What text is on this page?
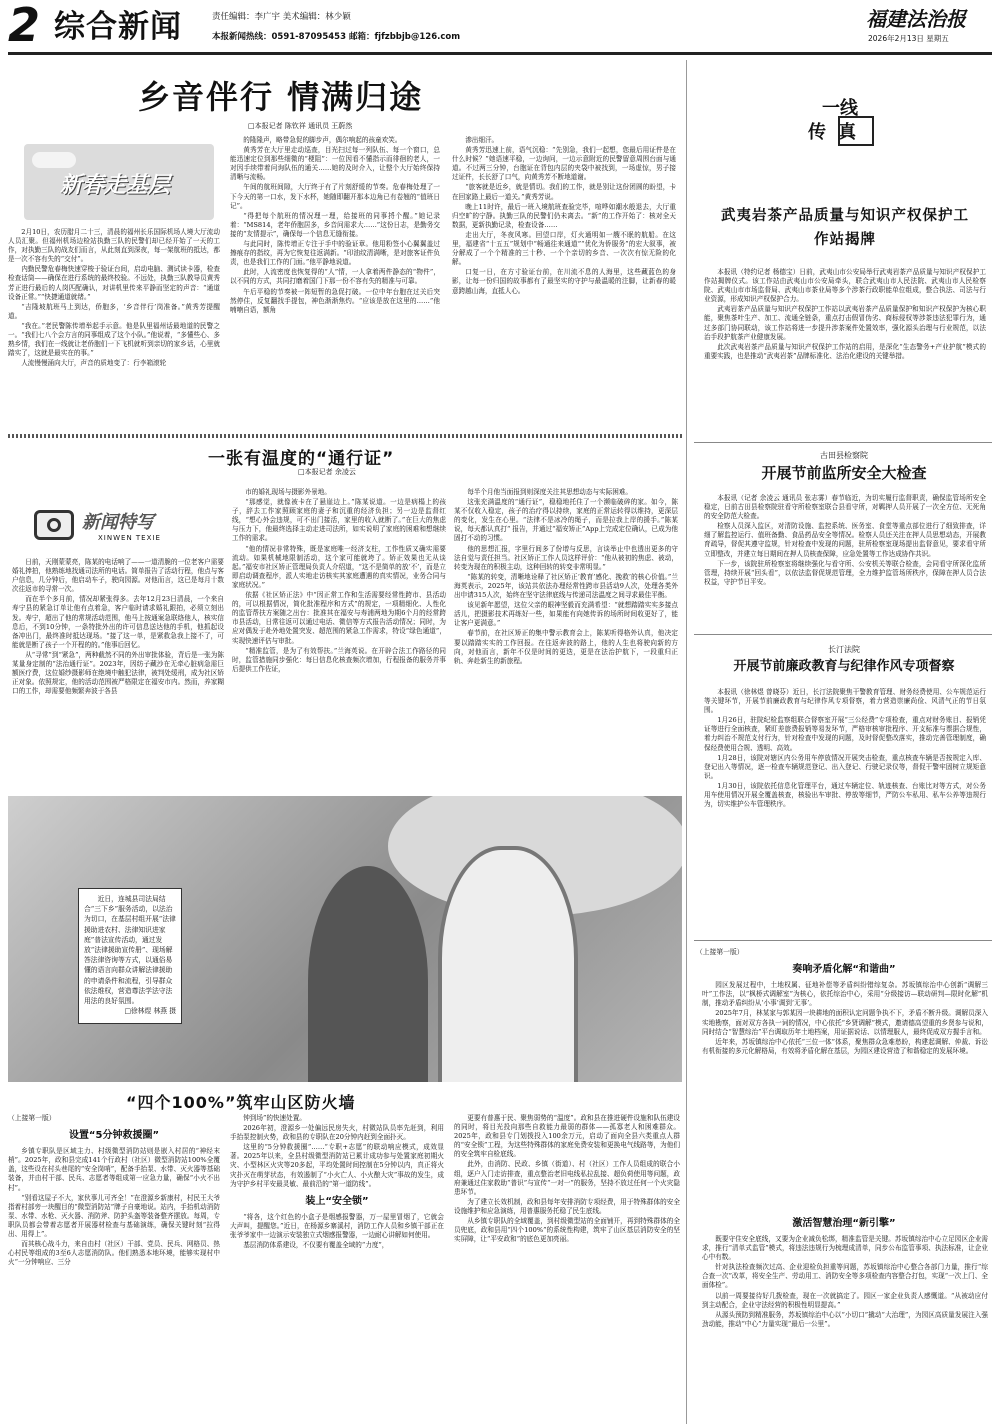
2 综合新闻	责任编辑：李广宇 美术编辑：林少颖
本报新闻热线：0591-87095453 邮箱：fjfzbbjb@126.com
福建法治报
2026年2月13日 星期五
乡音伴行 情满归途
□本报记者 陈钦祥 通讯员 王蔚然
新春走基层

2月10日，农历腊月二十三，清晨的福州长乐国际机场人境大厅流动人员汇聚。但福州机场边检站执勤三队的民警们却已经开始了一天的工作，对执勤三队的战友们而言，从此刻直到深夜，每一架航班的抵达，都是一次不容有失的“交付”。

内勤民警危春梅快速穿梭于验证台间，启动电脑、测试读卡器，检查检查话筒——确保在进行系统的最终校验。不远处，执勤三队教导员黄秀芳正进行最后的人岗匹配确认，对讲机里传来平静而坚定的声音：“通道设备正常。”“快捷通道就绪。”

“吉隆坡航班马上到达，侨胞多，‘乡音伴行’岗准备。”黄秀芳提醒道。

“我在。”老民警陈传增举起手示意。他是队里福州话最地道的民警之一。“我们七八个会方言的同事组成了这个小队。”他说着，“多懂些心、多熟乡情，我们在一线就让老侨胞们一下飞机就听到亲切的家乡话，心里就踏实了，这就是最实在的事。”

人流慢慢涌向大厅，声音的质地变了：行李箱滚轮

的隆隆声，略带急促的脚步声，偶尔响起的孩童欢笑。

黄秀芳在大厅里走动巡查，目光扫过每一列队伍、每一个窗口，总能迅速定位到那些细微的“梗阻”：一位因看不懂指示而徘徊的老人，一对因手续带着问询队伍的通关……她的及时介入，让整个大厅始终保持清晰与流畅。

午间的航班间隙，大厅终于有了片刻舒缓的节奏。危春梅处理了一下今天的第一口水，发下水杯，她随即翻开那本边角已有卷翘的“值班日记”。

“得把每个航班的情况理一理，给接班的同事捋个醒。”她记录着：“MS814，老年侨胞居多，乡音问需求大……”这份日志，是勤务交接的“友情提示”，确保每一个信息无缝衔接。

与此同时，陈传增正专注于手中的验证章。他用粉签小心翼翼盖过擦痕存的指纹，再为它恢复往返满新。“印油纹清满晰，是对旅客证件负责，也是我们工作的门面。”他平静地说道。

此时，人流密度也恢复得的“人”情，一人拿着两件静态的“物件”，以不同的方式，共同打磨着国门下那一份不容有失的精准与可靠。

午后平稳的节奏被一阵短暂的急促打破。一位中年台胞在过关后突然停住，反复翻找手提包，神色渐渐焦灼。“应该是放在这里的……”他喃喃自语，额角

渗出细汗。

黄秀芳迅速上前，语气沉稳：“先别急，我们一起想，您最后用证件是在什么时候？”她语速平稳，一边询问，一边示意附近的民警留意周围台面与通道。不过两三分钟，台胞证在背包内层的夹袋中被找到，一场虚惊，男子接过证件，长长舒了口气，向黄秀芳不断地道谢。

“旅客就是近乡，就是情切。我们的工作，就是别让这份团圆的盼望，卡在回家路上最后一道关。”黄秀芳说。

晚上11时许，最后一班入境航班查验完毕，喧哗如潮水般退去，大厅重归空旷的宁静。执勤三队的民警们仍未离去。“新”的工作开始了：核对全天数据，更新执勤记录，检查设备……

走出大厅，冬夜风寒。回望口岸，灯火通明如一艘不眠的航船。在这里，福建省“十五五”规划中“畅通往来通道”“优化为侨服务”的宏大叙事，被分解成了一个个精准的三十秒、一个个亲切的乡音、一次次有惊无险的化解。

口复一日，在方寸验证台前，在川流不息的人海里，这些藏蓝色的身影，让每一份归国的故事都有了最坚实的守护与最温暖的注脚，让新春的暖意跨越山海，直抵人心。

一张有温度的“通行证”
□本报记者 余凌云
新闻特写
XINWEN TEXIE

日前，天刚蒙蒙亮，陈某的电话响了——一道清脆的一位老客户需要婚礼捧拍，他熟练地找通司法所的电话。简单报告了活动行程，他点与客户信息，几分钟后，他启动车子，驶向园源。对他而言，这已是每月十数次往返市的寻常一次。

而在半个多月前，情况却紧张得多。去年12月23日清晨，一个来自寿宁县的紧急订单让他有点着急，客户临时请求婚礼跟拍，必须立刻出发。寿宁，超出了他的常规活动范围，他马上按通案急联络他人，核实信息后，不到10分钟，一条特批外出的许可信息送达他的手机，他抓起设备冲出门，最终准时抵达现场。“接了这一单，是紧救急我上接不了，可能就是断了孩子一个开程的的。”他事后回忆。

从“寻常”到“紧急”，两种截然不同的外出审批体验，背后是一张为陈某量身定制的“法治通行证”。2023年，因纺子藏沙在无牵心脏病急需巨额医疗费，这位婚纱摄影师在绝境中触犯法律，被判处缓刑，成为社区矫正对象。依照规定，他的活动范围被严格限定在福安市内。然而，养家糊口的工作，却需要他频繁奔波于各县

市的婚礼现场与摄影外景地。

“那感觉，就像被卡在了悬崖边上。”陈某说道。一边是病榻上的孩子，辞去工作家照顾家庭的妻子和沉重的经济负担；另一边是监督红线，“想心外会违规，可不出门接活，家里的收入就断了。”在巨大的焦虑与压力下，他最终选择主动走进司法所，如实说明了家庭的困难和想继续工作的需求。

“他的情况非常特殊，既是家庭唯一经济支柱，工作性质又确实需要流动。如果机械地限制活动，这个家可能就垮了。矫正效果也无从谈起。”福安市社区矫正管理局负责人介绍道，“这不是简单的放‘不’，而是立即启动调查程序，派人实地走访核实其家庭遭遇的真实情况，业务合同与家庭状况。”

依据《社区矫正法》中“因正常工作和生活需要经常性跨市、县活动的，可以根据情况，简化批准程序和方式”的规定，一项精细化、人性化的监管帮扶方案随之出台：批准其在福安与寿浦两地为期6个月的经常跨市县活动，日常往返可以通过电话、微信等方式报告活动情况；同时，为应对偶发于赴外地处置突发、超范围的紧急工作需求，特设“绿色通道”，实现快速评估与审批。

“精准监管，是为了有效帮扶。”兰海英说。在开辟合法工作路径的同时，监管措施同步强化：每日信息化核查频次增加，行程报备的服务并事后提供工作佐证，

每半个月他当面报到则深度关注其思想动态与实际困难。

这张充满温度的“通行证”，稳稳地托住了一个濒临破碎的家。如今，陈某不仅收入稳定，孩子的治疗得以持续，家庭的正常运转得以维持，更深层的变化，发生在心里。“法律不是冰冷的绳子，而是拉我上岸的援手。”陈某说，每天都认真打“ 报告，并通过“福安矫正”App上完成定位确认，已成为他固打不动的习惯。

他的思想汇报，字里行间多了份增与反思，言谈举止中也透出更多的守法自觉与责任担当。社区矫正工作人员这样评价：“他从被初的焦虑、被动，转变为现在的积极主动，这种回转的转变非常明显。”

“陈某的转变，清晰地诠释了社区矫正‘教育’感化、挽救’的核心价值。”兰海英表示，2025年，该站共依法办理经常性跨市县活动9人次，处理各类外出申请315人次，始终在坚守法律底线与传递司法温度之间寻求最佳平衡。

该见新年愿望，这位父亲的眼神坚毅而充满希望：“就想踏踏实实多接点活儿，把摄影技术再练好一些，如果能有向她传诉的场所时间收更好了，能让客户更满意。”

春节前，在社区矫正的集中警示教育会上，陈某听得格外认真，他决定要以踏踏实实的工作回报。在往返奔波的路上，他的人生也将驶向新的方向，对他而言，新年不仅是时间的更迭，更是在法治护航下，一段重归正轨、奔赴新生的新旅程。

近日，连城县司法局结合“三下乡”服务活动，以法治为切口，在基层村组开展“法律援助进农村、法律知识进家庭”普法宣传活动，通过发放“法律援助宣传册”、现场解答法律咨询等方式，以通俗易懂的语言向群众讲解法律援助的申请条件和流程，引导群众依法维权，营造尊法学法守法用法的良好氛围。
□徐林煜 林燕 摄
“四个100%”筑牢山区防火墙
（上接第一版）
设置“5分钟救援圈”

乡镇专职队是区域主力、村级微型消防站则是嵌入村居的“神经末梢”。2025年，政和县完成141个行政村（社区）微型消防站100%全覆盖，这些设在村头巷尾的“安全岗哨”，配备手抬泵、水带、灭火器等基础装备，并由村干部、民兵、志愿者等组成第一应急力量，确保“小火不出村”。

“别看这屋子不大，家伙事儿可齐全！”在澄源乡新康村，村民王大爷指着村部旁一块醒目的“微型消防站”牌子自豪地说。站内，手抬机动消防泵、水带、水枪、灭火器、消防斧、防护头盔等装备整齐摆放。每周，专职队员都会带着志愿者开展器材检查与基础演练，确保关键时刻“拉得出、用得上”。

而其核心战斗力，来自由村（社区）干部、党员、民兵、网格员、热心村民等组成的3至6人志愿消防队。他们熟悉本地环境，能够实现村中火“一分钟响应、三分

钟到场”的快速处置。

2026年初，澄源乡一处偏远民房失火，村微站队员率先赶到，利用手抬泵控制火势，政和县的专职队在20分钟内赶到全面扑灭。

这里的“5分钟救援圈”……“专职+志愿”的联动响应模式，成效显著。2025年以来，全县村级微型消防站已累计成功参与处置家庭初期火灾、小型林区火灾等20多起，平均处置时间控制在5分钟以内，真正将火灾扑灭在萌芽状态，有效遏制了“小火亡人、小火酿大灾”事故的发生，成为守护乡村平安最灵敏、最前沿的“第一道防线”。

装上“安全锁”

“将各，这个红色的小盒子是烟感报警器，万一屋里冒烟了，它就会大声叫，提醒您。”近日，在杨源乡寨溪村，消防工作人员和乡镇干部正在张爷爷家中一边演示安装独立式烟感报警器，一边耐心讲解如何使用。

基层消防体系建设，不仅要有覆盖全域的“力度”，

更要有普惠于民、聚焦弱势的“温度”。政和县在推进硬件设施和队伍建设的同时，将目光投向那些自救能力最弱的群体——孤寡老人和困难群众。2025年，政和县专门划拨投入100余万元，启动了面向全县六类重点人群的“安全锁”工程，为这些特殊群体的家庭免费安装和更换电气线路等，为他们的安全筑牢自检底线。

此外，由消防、民政、乡镇（街道）、村（社区）工作人员组成的联合小组，逐户入门走访排查，重点整治老旧电线私拉乱接、超负荷使用等问题，政府兼通过住家救助“普识”与宣传“一对一”的服务，坚持不放过任何一个火灾隐患环节。

为了建立长效机制，政和县每年安排消防专项经费，用于特殊群体的安全设施维护和应急演练，用普惠服务托稳了民生底线。

从乡镇专职队的全域覆盖，到村级微型站的全面铺开，再到特殊群体的全员兜底，政和县用“四个100%”的系统性构建，筑牢了山区基层消防安全的坚实屏障，让“平安政和”的底色更加亮丽。

一线
传真
武夷岩茶产品质量与知识产权保护工作站揭牌

本报讯（特约记者 杨德宝）日前，武夷山市公安局举行武夷岩茶产品质量与知识产权保护工作站揭牌仪式。该工作站由武夷山市公安局牵头，联合武夷山市人民法院、武夷山市人民检察院、武夷山市市场监督局、武夷山市茶业局等多个涉茶行政职能单位组成，整合执法、司法与行业资源，形成知识产权保护合力。

武夷岩茶产品质量与知识产权保护工作站以武夷岩茶产品质量保护和知识产权保护为核心职能，聚焦茶叶生产、加工、流通全链条，重点打击假冒伪劣、商标侵权等涉茶违法犯罪行为，通过多部门协同联动，该工作站将进一步提升涉茶案件处置效率，强化源头治理与行业规范，以法治手段护航茶产业健康发展。

此次武夷岩茶产品质量与知识产权保护工作站的启用，是深化“生态警务+产业护航”模式的重要实践，也是推动“武夷岩茶”品牌标准化、法治化建设的关键举措。

古田县检察院
开展节前监所安全大检查

本报讯（记者 余凌云 通讯员 张志雾）春节临近，为切实履行监督职责，确保监管场所安全稳定，日前古田县检察院驻看守所检察室联合县看守所，对羁押人员开展了一次全方位、无死角的安全防范大检查。

检察人员深入监区，对清防设施、监控系统、医务室、食堂等重点部位进行了细致排查，详细了解监控运行、值班备勤、食品药品安全等情况。检察人员还关注在押人员思想动态，开展教育疏导，督促其遵守监规，针对检查中发现的问题，驻所检察室现场提出监督意见，要求看守所立即整改，并建立每日期间在押人员核查保障，应急处置等工作达成协作共识。

下一步，该院驻所检察室将继续强化与看守所、公安机关等联合检查，会同看守所深化监所管理，持续开展“回头看”，以依法监督促规范管理，全力维护监管场所秩序，保障在押人员合法权益，守护节日平安。

长汀法院
开展节前廉政教育与纪律作风专项督察

本报讯（徐林煜 曾晓芬）近日，长汀法院聚焦干警教育管理、财务经费使用、公车规范运行等关键环节，开展节前廉政教育与纪律作风专项督察，着力营造崇廉尚俭、风清气正的节日氛围。

1月26日，驻院纪检监察组联合督察室开展“三公经费”专项检查，重点对财务账目、报销凭证等进行全面核查，紧盯差旅费报销等易发环节，严格审核审批程序、开支标准与票据合规性，着力纠治不规范支付行为，针对检查中发现的问题，及时督促整改落实，推动完善管理制度，确保经费使用合规、透明、高效。

1月28日，该院对辖区内公务用车停放情况开展突击检查，重点核查车辆是否按规定入库、登记出入等情况，逐一检查车辆规范登记、出入登记、行驶记录仪等，督促干警牢固树立规矩意识。

1月30日，该院依托信息化管理平台，通过车辆定位、轨迹核查、台账比对等方式，对公务用车使用情况开展全覆盖核查，核验出车审批、停放等细节，严防公车私用、私车公养等违规行为，切实维护公车管理秩序。

（上接第一版）
奏响矛盾化解“和谐曲”

园区发展过程中，土地权属、征地补偿等矛盾纠纷错综复杂。苏坂镇综治中心创新“调解三叶”工作法，以“枫桥式调解室”为核心，依托综治中心，采用“分级接访—联动研判—限时化解”机制，推动矛盾纠纷从‘小事’调到‘无事’。

2025年7月，林某家与郭某因一块耕地的面积认定问题争执不下，矛盾不断升级。调解员深入实地勘察，面对双方各执一词的情况，中心依托“乡贤调解”模式，邀请德高望重的乡贤参与说和，同时结合“智慧综治”平台调取历年土地档案，用证据说话、以情理服人，最终促成双方握手言和。

近年来，苏坂镇综治中心依托“三位一体”体系，聚焦群众急难愁盼，构建起调解、仲裁、诉讼有机衔接的多元化解格局，有效将矛盾化解在基层，为园区建设营造了和谐稳定的发展环境。

激活智慧治理“新引擎”

既要守住安全底线，又要为企业减负松绑，精准监管是关键。苏坂镇综治中心立足园区企业需求，推行“清单式监管”模式，将违法违规行为梳理成清单，同步公布监管事项、执法标准，让企业心中有数。

针对执法检查频次过高、企业迎检负担重等问题，苏坂镇综治中心整合各部门力量，推行“综合查一次”改革，将安全生产、劳动用工、消防安全等多项检查内容整合打包，实现“一次上门、全面体检”。

以前一周要接待好几拨检查，现在一次就搞定了。园区一家企业负责人感慨道。“从被动应付到主动配合，企业守法经营的积极性明显提高。”

从源头预防到精准服务，苏坂镇综治中心以“小切口”撬动“大治理”，为园区高质量发展注入强劲动能，推动“中心”力量实现“最后一公里”。
